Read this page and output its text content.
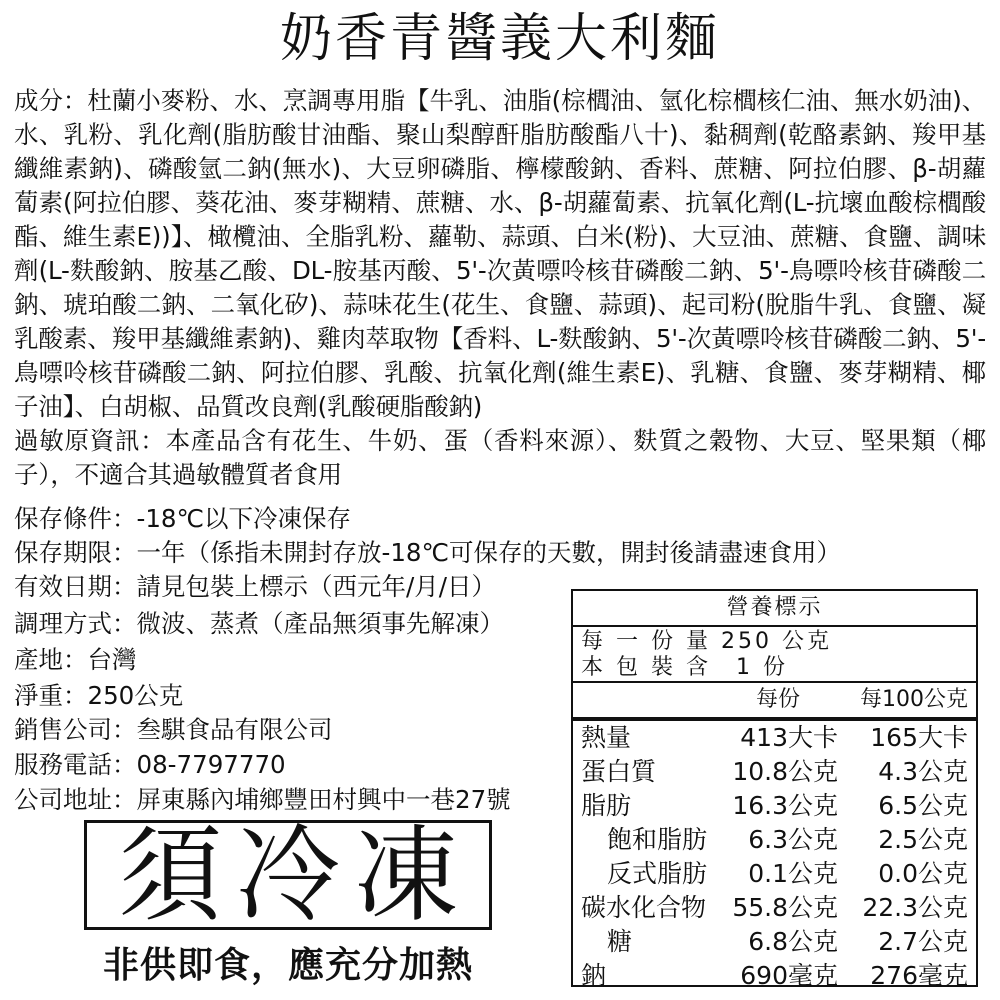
奶香青醬義大利麵

成分：杜蘭小麥粉、水、烹調專用脂【牛乳、油脂(棕櫚油、氫化棕櫚核仁油、無水奶油)、水、乳粉、乳化劑(脂肪酸甘油酯、聚山梨醇酐脂肪酸酯八十)、黏稠劑(乾酪素鈉、羧甲基纖維素鈉)、磷酸氫二鈉(無水)、大豆卵磷脂、檸檬酸鈉、香料、蔗糖、阿拉伯膠、β-胡蘿蔔素(阿拉伯膠、葵花油、麥芽糊精、蔗糖、水、β-胡蘿蔔素、抗氧化劑(L-抗壞血酸棕櫚酸酯、維生素E))】、橄欖油、全脂乳粉、蘿勒、蒜頭、白米(粉)、大豆油、蔗糖、食鹽、調味劑(L-麩酸鈉、胺基乙酸、DL-胺基丙酸、5'-次黃嘌呤核苷磷酸二鈉、5'-鳥嘌呤核苷磷酸二鈉、琥珀酸二鈉、二氧化矽)、蒜味花生(花生、食鹽、蒜頭)、起司粉(脫脂牛乳、食鹽、凝乳酸素、羧甲基纖維素鈉)、雞肉萃取物【香料、L-麩酸鈉、5'-次黃嘌呤核苷磷酸二鈉、5'-鳥嘌呤核苷磷酸二鈉、阿拉伯膠、乳酸、抗氧化劑(維生素E)、乳糖、食鹽、麥芽糊精、椰子油】、白胡椒、品質改良劑(乳酸硬脂酸鈉)

過敏原資訊：本產品含有花生、牛奶、蛋（香料來源）、麩質之穀物、大豆、堅果類（椰子），不適合其過敏體質者食用

保存條件：-18℃以下冷凍保存
保存期限：一年（係指未開封存放-18℃可保存的天數，開封後請盡速食用）
有效日期：請見包裝上標示（西元年/月/日）
調理方式：微波、蒸煮（產品無須事先解凍）
產地：台灣
淨重：250公克
銷售公司：叁騏食品有限公司
服務電話：08-7797770
公司地址：屏東縣內埔鄉豐田村興中一巷27號
須冷凍
非供即食，應充分加熱
營養標示
每 一 份 量 250 公克
本 包 裝 含　1 份
每份	每100公克
熱量	413大卡 165大卡
蛋白質	10.8公克 4.3公克
脂肪	16.3公克 6.5公克
飽和脂肪 6.3公克 2.5公克
反式脂肪 0.1公克 0.0公克
碳水化合物 55.8公克 22.3公克
糖	6.8公克 2.7公克
鈉	690毫克 276毫克
